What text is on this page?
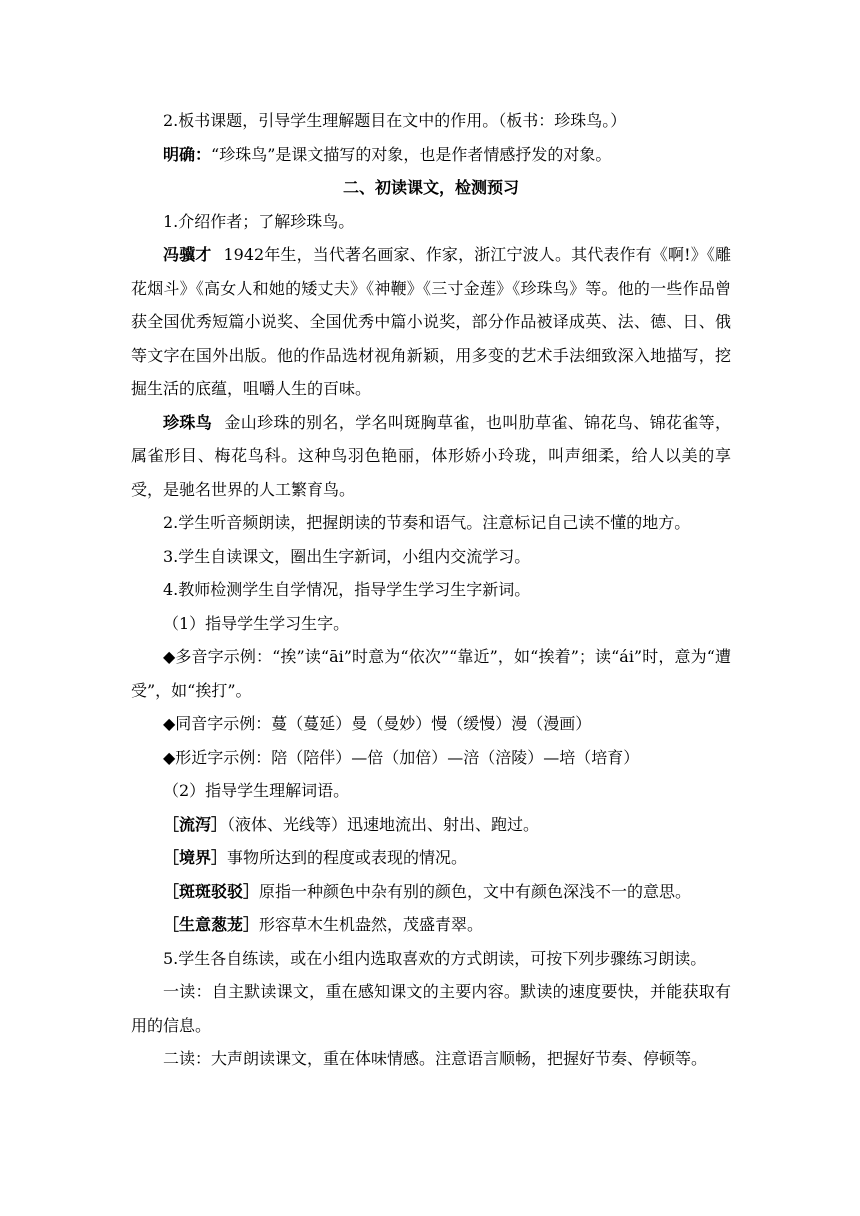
2.板书课题，引导学生理解题目在文中的作用。（板书：珍珠鸟。）

明确：“珍珠鸟”是课文描写的对象，也是作者情感抒发的对象。

二、初读课文，检测预习

1.介绍作者；了解珍珠鸟。

冯骥才 1942年生，当代著名画家、作家，浙江宁波人。其代表作有《啊!》《雕花烟斗》《高女人和她的矮丈夫》《神鞭》《三寸金莲》《珍珠鸟》等。他的一些作品曾获全国优秀短篇小说奖、全国优秀中篇小说奖，部分作品被译成英、法、德、日、俄等文字在国外出版。他的作品选材视角新颖，用多变的艺术手法细致深入地描写，挖掘生活的底蕴，咀嚼人生的百味。

珍珠鸟 金山珍珠的别名，学名叫斑胸草雀，也叫肋草雀、锦花鸟、锦花雀等，属雀形目、梅花鸟科。这种鸟羽色艳丽，体形娇小玲珑，叫声细柔，给人以美的享受，是驰名世界的人工繁育鸟。

2.学生听音频朗读，把握朗读的节奏和语气。注意标记自己读不懂的地方。

3.学生自读课文，圈出生字新词，小组内交流学习。

4.教师检测学生自学情况，指导学生学习生字新词。

（1）指导学生学习生字。

◆多音字示例：“挨”读“āi”时意为“依次”“靠近”，如“挨着”；读“ái”时，意为“遭受”，如“挨打”。

◆同音字示例：蔓（蔓延）曼（曼妙）慢（缓慢）漫（漫画）

◆形近字示例：陪（陪伴）—倍（加倍）—涪（涪陵）—培（培育）

（2）指导学生理解词语。

［流泻］（液体、光线等）迅速地流出、射出、跑过。

［境界］事物所达到的程度或表现的情况。

［斑斑驳驳］原指一种颜色中杂有别的颜色，文中有颜色深浅不一的意思。

［生意葱茏］形容草木生机盎然，茂盛青翠。

5.学生各自练读，或在小组内选取喜欢的方式朗读，可按下列步骤练习朗读。

一读：自主默读课文，重在感知课文的主要内容。默读的速度要快，并能获取有用的信息。

二读：大声朗读课文，重在体味情感。注意语言顺畅，把握好节奏、停顿等。
